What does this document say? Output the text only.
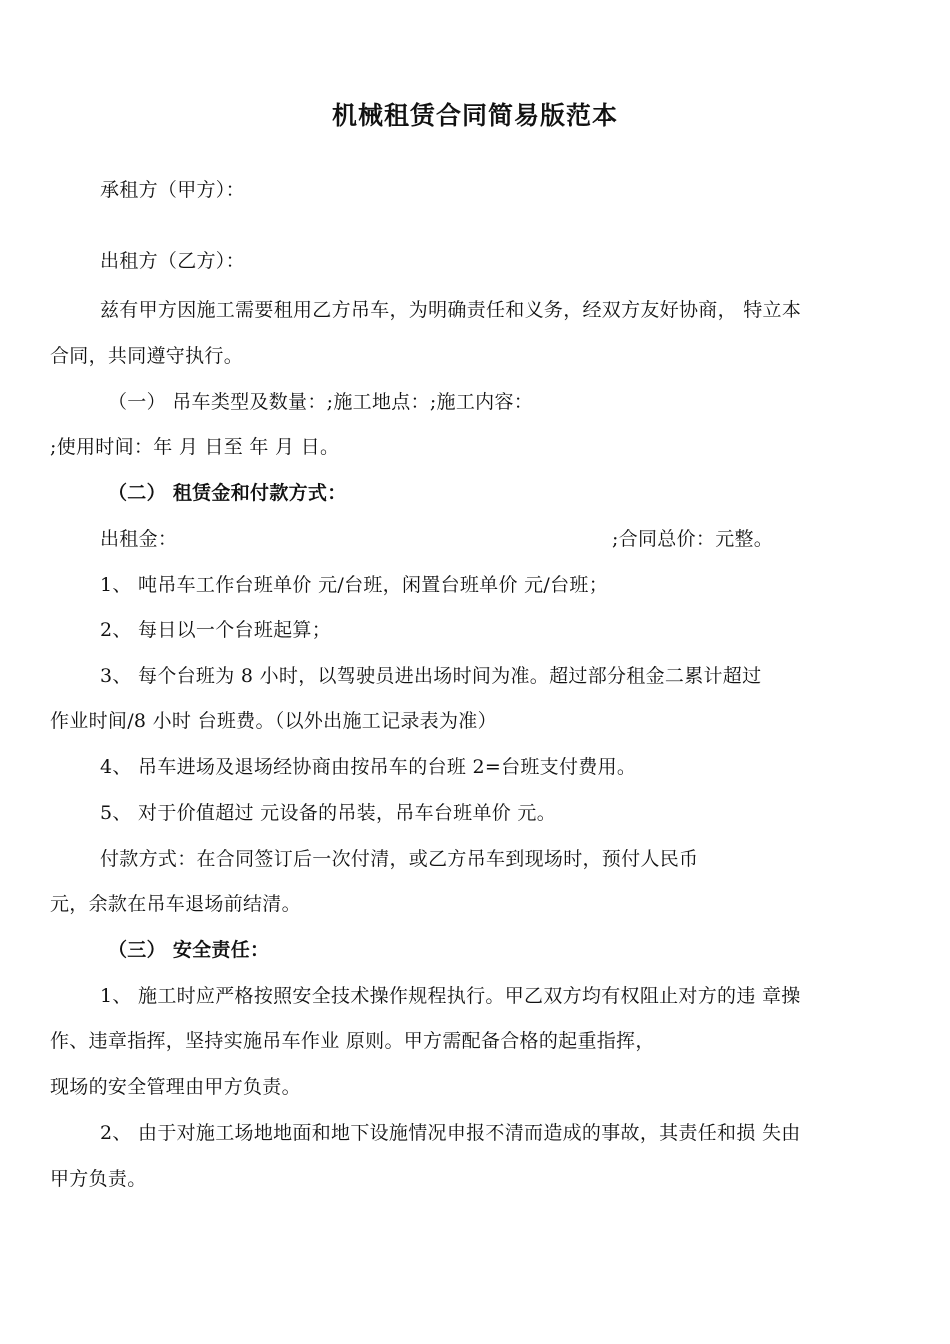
机械租赁合同简易版范本
承租方（甲方）：
出租方（乙方）：
兹有甲方因施工需要租用乙方吊车，为明确责任和义务，经双方友好协商， 特立本
合同，共同遵守执行。
（一） 吊车类型及数量：;施工地点：;施工内容：
;使用时间：年 月 日至 年 月 日。
（二） 租赁金和付款方式：
出租金：	;合同总价：元整。
1、 吨吊车工作台班单价 元/台班，闲置台班单价 元/台班；
2、 每日以一个台班起算；
3、 每个台班为 8 小时，以驾驶员进出场时间为准。超过部分租金二累计超过
作业时间/8 小时 台班费。（以外出施工记录表为准）
4、 吊车进场及退场经协商由按吊车的台班 2=台班支付费用。
5、 对于价值超过 元设备的吊装，吊车台班单价 元。
付款方式：在合同签订后一次付清，或乙方吊车到现场时，预付人民币
元，余款在吊车退场前结清。
（三） 安全责任：
1、 施工时应严格按照安全技术操作规程执行。甲乙双方均有权阻止对方的违 章操
作、违章指挥，坚持实施吊车作业 原则。甲方需配备合格的起重指挥，
现场的安全管理由甲方负责。
2、 由于对施工场地地面和地下设施情况申报不清而造成的事故，其责任和损 失由
甲方负责。
